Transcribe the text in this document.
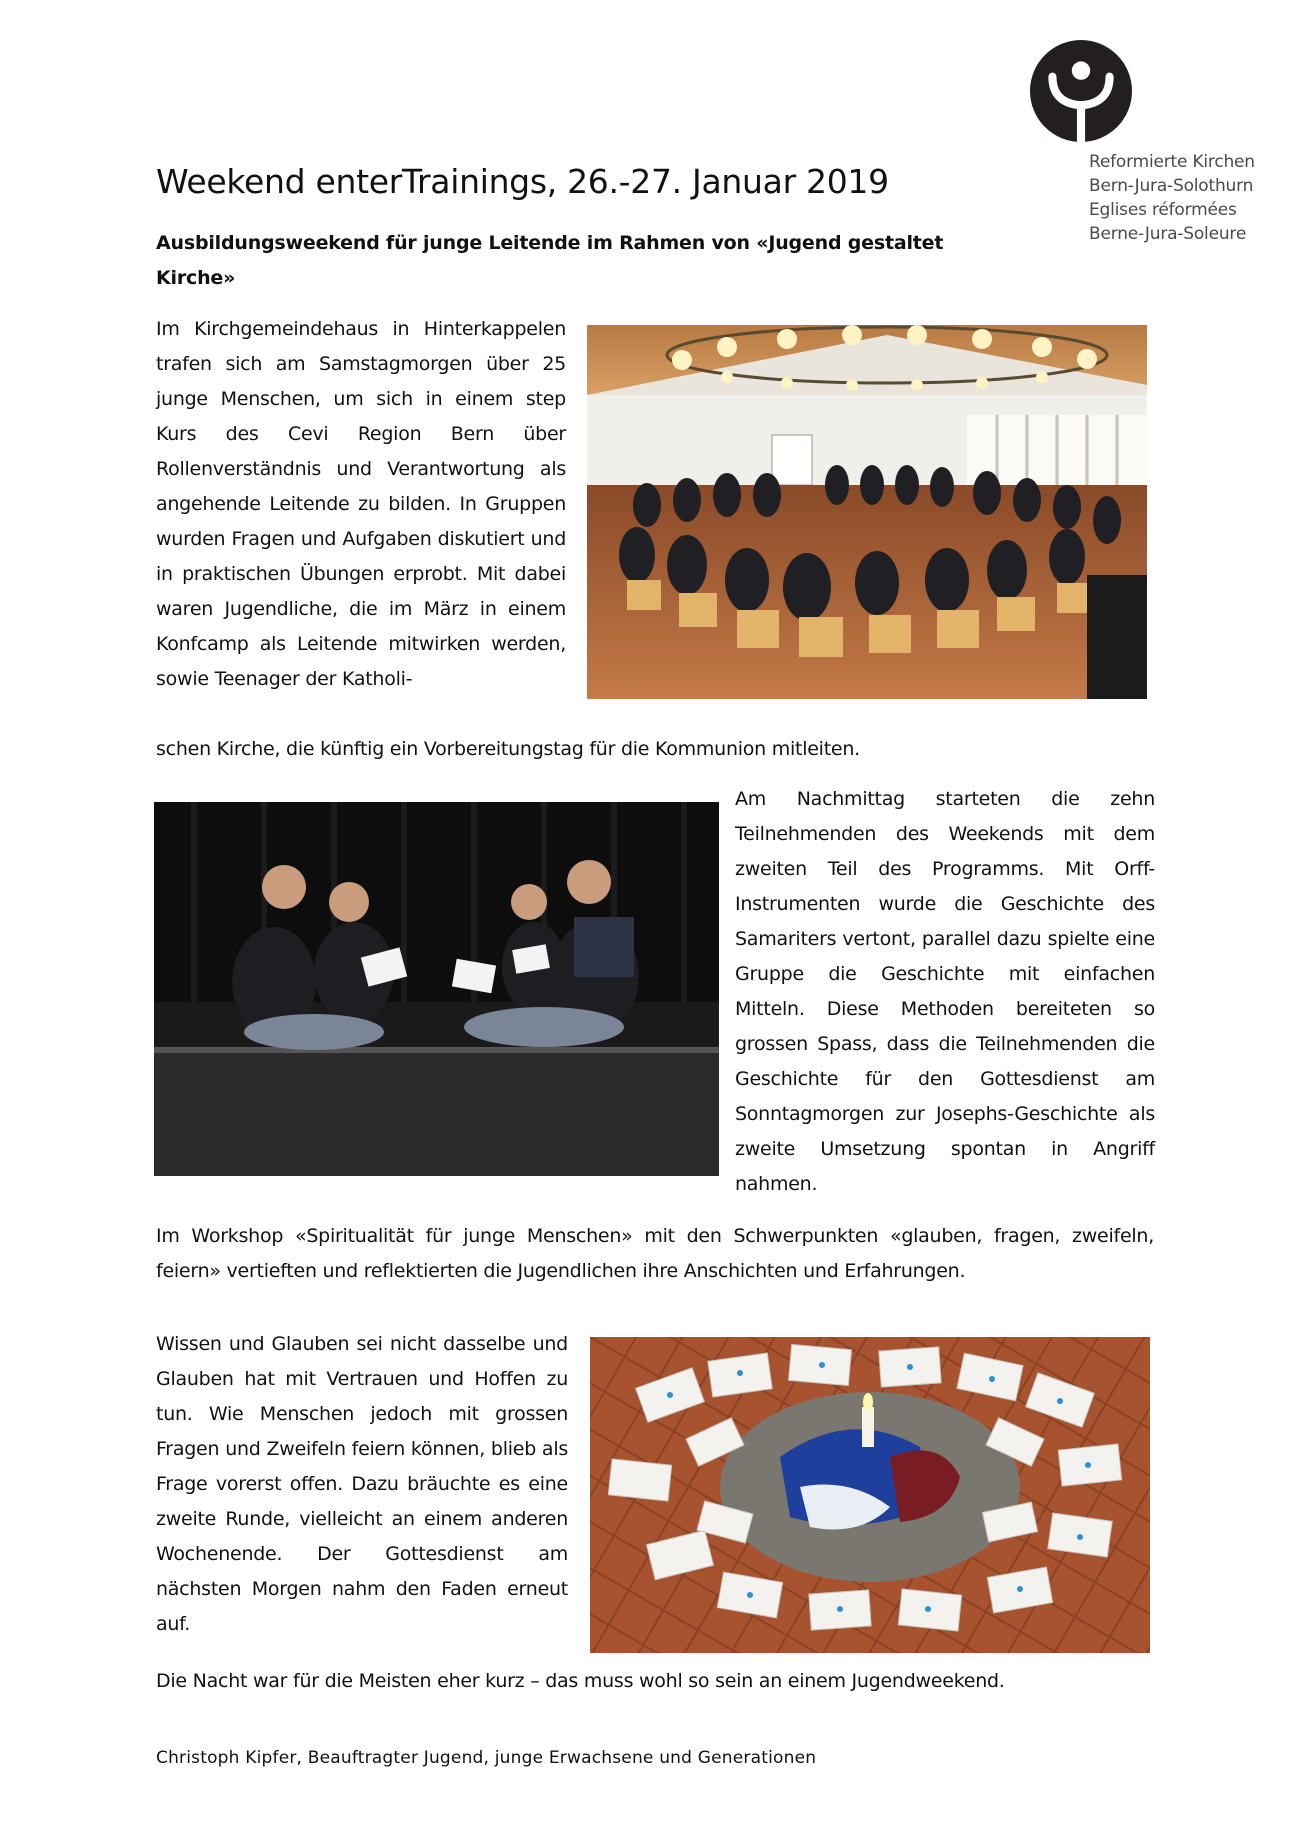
Reformierte Kirchen
Bern-Jura-Solothurn
Eglises réformées
Berne-Jura-Soleure
Weekend enterTrainings, 26.-27. Januar 2019

Ausbildungsweekend für junge Leitende im Rahmen von «Jugend gestaltet Kirche»

Im Kirchgemeindehaus in Hinterkappelen trafen sich am Samstagmorgen über 25 junge Menschen, um sich in einem step Kurs des Cevi Region Bern über Rollenverständnis und Verantwortung als angehende Leitende zu bilden. In Gruppen wurden Fragen und Aufgaben diskutiert und in praktischen Übungen erprobt. Mit dabei waren Jugendliche, die im März in einem Konfcamp als Leitende mitwirken werden, sowie Teenager der Katholi-

schen Kirche, die künftig ein Vorbereitungstag für die Kommunion mitleiten.

Am Nachmittag starteten die zehn Teilnehmenden des Weekends mit dem zweiten Teil des Programms. Mit Orff-Instrumenten wurde die Geschichte des Samariters vertont, parallel dazu spielte eine Gruppe die Geschichte mit einfachen Mitteln. Diese Methoden bereiteten so grossen Spass, dass die Teilnehmenden die Geschichte für den Gottesdienst am Sonntagmorgen zur Josephs-Geschichte als zweite Umsetzung spontan in Angriff nahmen.

Im Workshop «Spiritualität für junge Menschen» mit den Schwerpunkten «glauben, fragen, zweifeln, feiern» vertieften und reflektierten die Jugendlichen ihre Anschichten und Erfahrungen.

Wissen und Glauben sei nicht dasselbe und Glauben hat mit Vertrauen und Hoffen zu tun. Wie Menschen jedoch mit grossen Fragen und Zweifeln feiern können, blieb als Frage vorerst offen. Dazu bräuchte es eine zweite Runde, vielleicht an einem anderen Wochenende. Der Gottesdienst am nächsten Morgen nahm den Faden erneut auf.

Die Nacht war für die Meisten eher kurz – das muss wohl so sein an einem Jugendweekend.

Christoph Kipfer, Beauftragter Jugend, junge Erwachsene und Generationen
